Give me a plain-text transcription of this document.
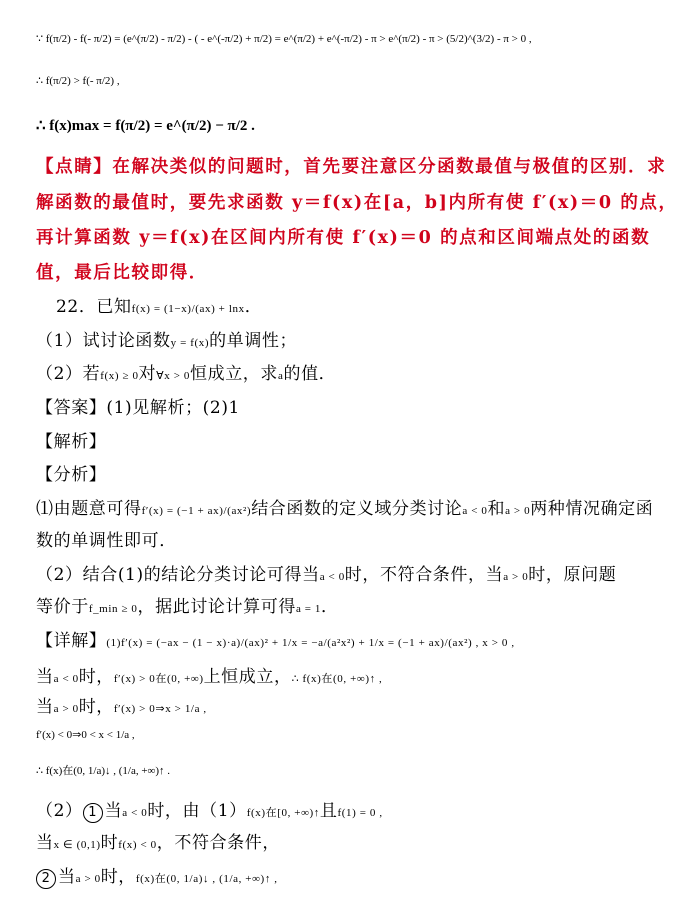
∵ f(π/2) - f(- π/2) = (e^(π/2) - π/2) - ( - e^(-π/2) + π/2) = e^(π/2) + e^(-π/2) - π > e^(π/2) - π > (5/2)^(3/2) - π > 0 ,
∴ f(π/2) > f(- π/2) ,
∴ f(x)max = f(π/2) = e^(π/2) − π/2 .
【点睛】在解决类似的问题时，首先要注意区分函数最值与极值的区别．求
解函数的最值时，要先求函数 y＝f(x)在[a，b]内所有使 f′(x)＝0 的点，
再计算函数 y＝f(x)在区间内所有使 f′(x)＝0 的点和区间端点处的函数
值，最后比较即得．
22．已知f(x) = (1−x)/(ax) + lnx．
（1）试讨论函数y = f(x)的单调性；
（2）若f(x) ≥ 0对∀x > 0恒成立，求a的值．
【答案】(1)见解析；(2)1
【解析】
【分析】
⑴由题意可得f′(x) = (−1 + ax)/(ax²)结合函数的定义域分类讨论a < 0和a > 0两种情况确定函
数的单调性即可．
（2）结合(1)的结论分类讨论可得当a < 0时，不符合条件，当a > 0时，原问题
等价于f_min ≥ 0，据此讨论计算可得a = 1．
【详解】(1)f′(x) = (−ax − (1 − x)·a)/(ax)² + 1/x = −a/(a²x²) + 1/x = (−1 + ax)/(ax²) , x > 0 ,
当a < 0时，f′(x) > 0在(0, +∞)上恒成立，∴ f(x)在(0, +∞)↑ ,
当a > 0时，f′(x) > 0⇒x > 1/a ,
f′(x) < 0⇒0 < x < 1/a ,
∴ f(x)在(0, 1/a)↓ , (1/a, +∞)↑ .
（2） 1 当a < 0时，由（1）f(x)在[0, +∞)↑且f(1) = 0 ,
当x ∈ (0,1)时f(x) < 0，不符合条件，
2 当a > 0时，f(x)在(0, 1/a)↓ , (1/a, +∞)↑ ,
